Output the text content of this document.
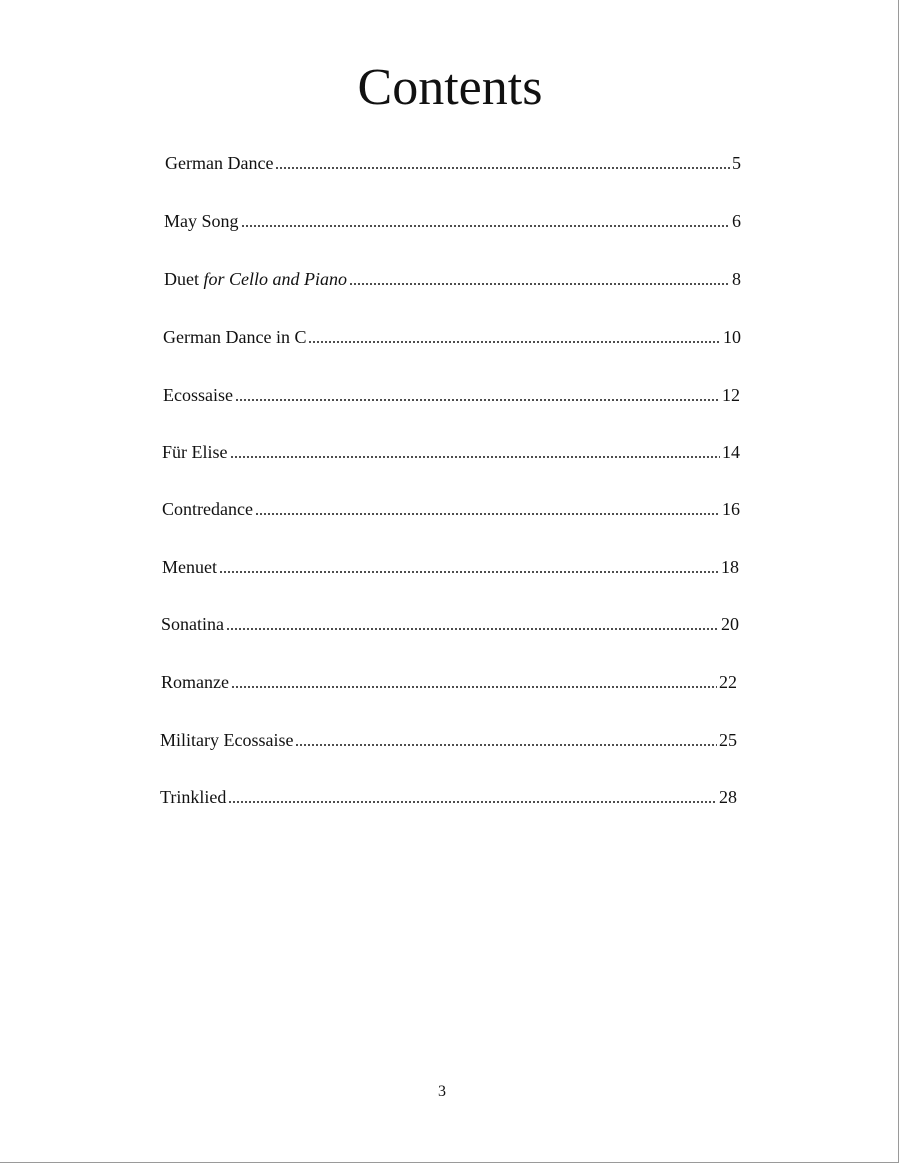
Contents
German Dance	5
May Song	6
Duet for Cello and Piano	8
German Dance in C	10
Ecossaise	12
Für Elise	14
Contredance	16
Menuet	18
Sonatina	20
Romanze	22
Military Ecossaise	25
Trinklied	28
3
